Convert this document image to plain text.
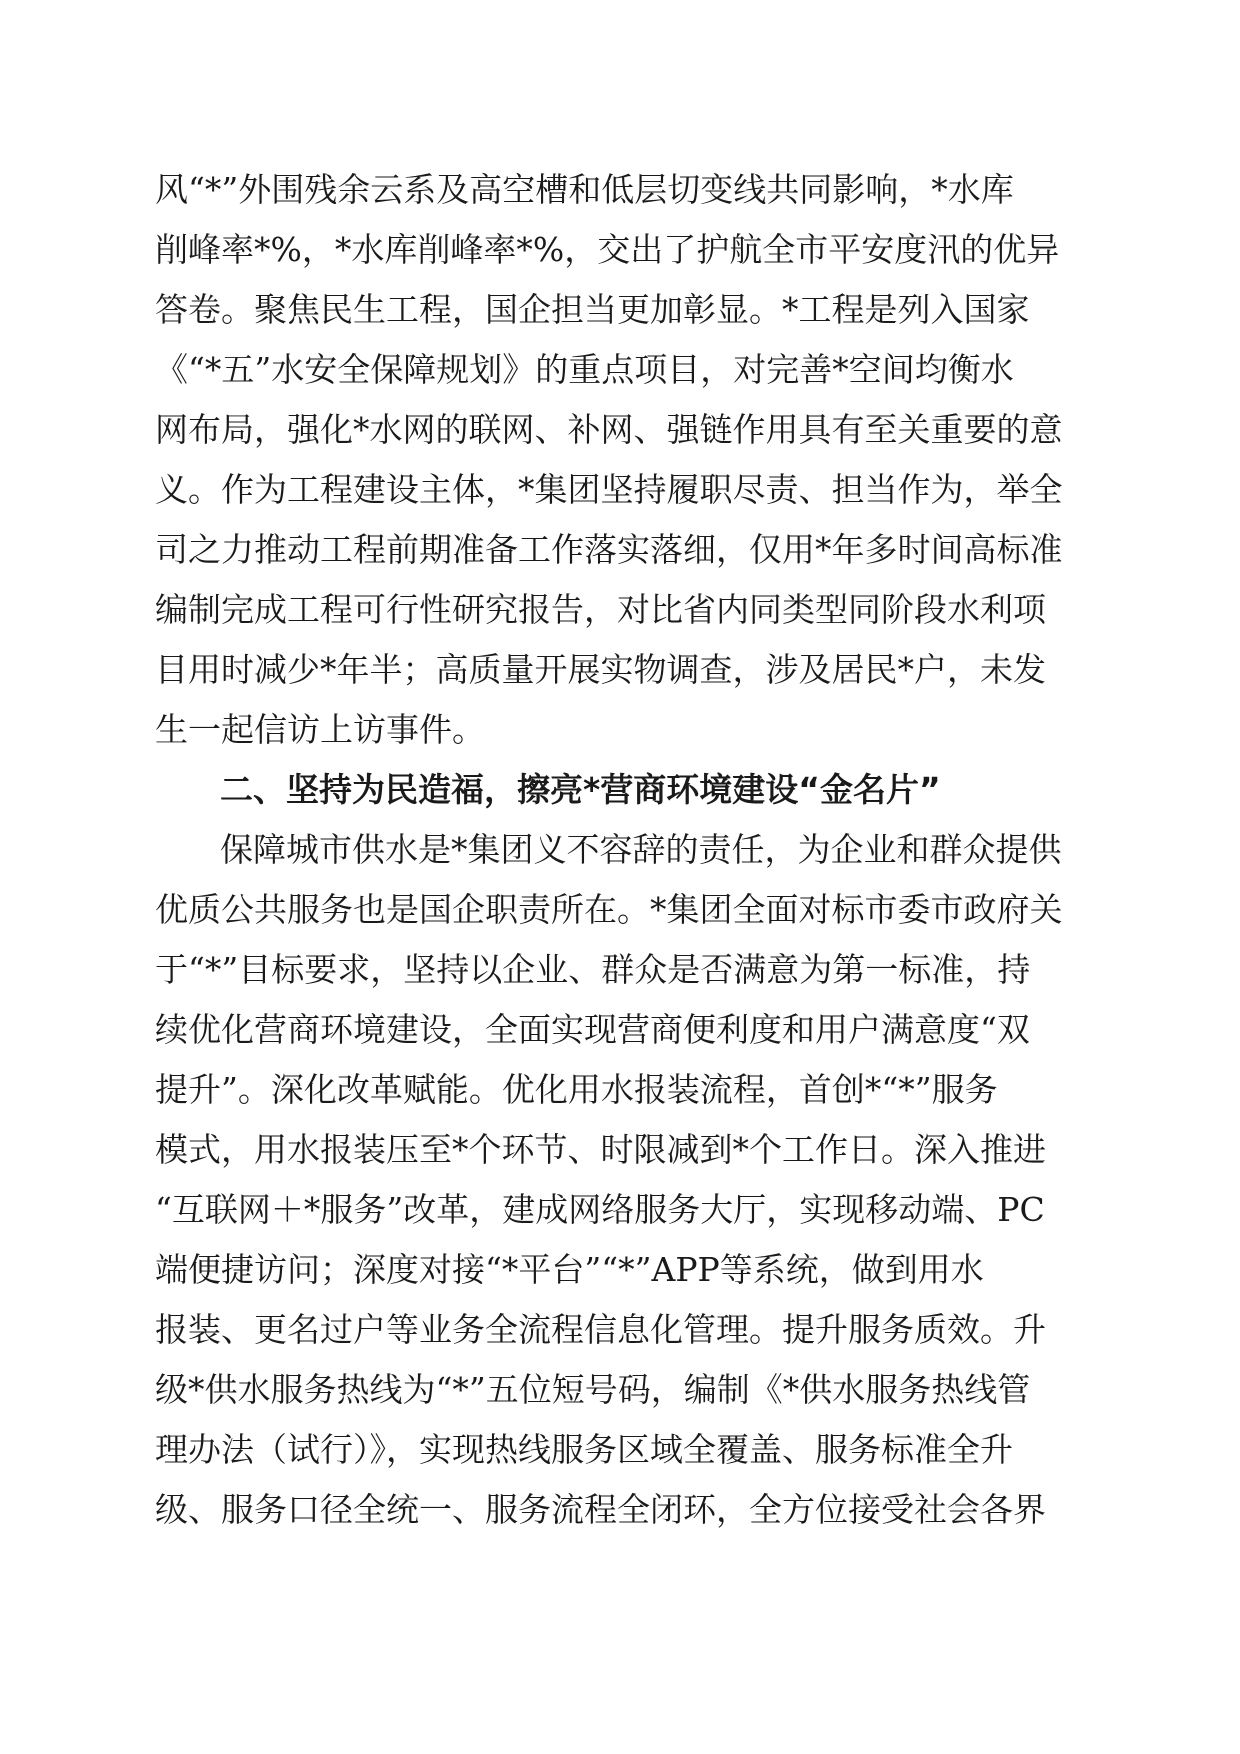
风“*”外围残余云系及高空槽和低层切变线共同影响，*水库
削峰率*%，*水库削峰率*%，交出了护航全市平安度汛的优异
答卷。聚焦民生工程，国企担当更加彰显。*工程是列入国家
《“*五”水安全保障规划》的重点项目，对完善*空间均衡水
网布局，强化*水网的联网、补网、强链作用具有至关重要的意
义。作为工程建设主体，*集团坚持履职尽责、担当作为，举全
司之力推动工程前期准备工作落实落细，仅用*年多时间高标准
编制完成工程可行性研究报告，对比省内同类型同阶段水利项
目用时减少*年半；高质量开展实物调查，涉及居民*户，未发
生一起信访上访事件。
二、坚持为民造福，擦亮*营商环境建设“金名片”
保障城市供水是*集团义不容辞的责任，为企业和群众提供
优质公共服务也是国企职责所在。*集团全面对标市委市政府关
于“*”目标要求，坚持以企业、群众是否满意为第一标准，持
续优化营商环境建设，全面实现营商便利度和用户满意度“双
提升”。深化改革赋能。优化用水报装流程，首创*“*”服务
模式，用水报装压至*个环节、时限减到*个工作日。深入推进
“互联网＋*服务”改革，建成网络服务大厅，实现移动端、PC
端便捷访问；深度对接“*平台”“*”APP等系统，做到用水
报装、更名过户等业务全流程信息化管理。提升服务质效。升
级*供水服务热线为“*”五位短号码，编制《*供水服务热线管
理办法（试行）》，实现热线服务区域全覆盖、服务标准全升
级、服务口径全统一、服务流程全闭环，全方位接受社会各界
